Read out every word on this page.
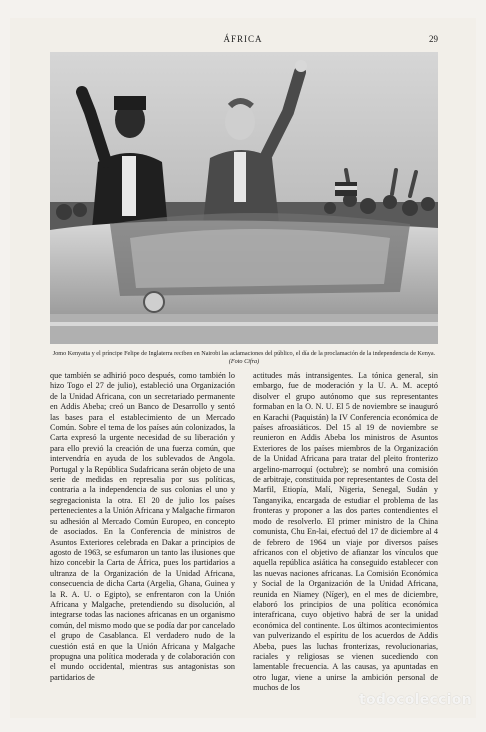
ÁFRICA	29
Jomo Kenyatta y el príncipe Felipe de Inglaterra reciben en Nairobi las aclamaciones del público, el día de la proclamación de la independencia de Kenya. (Foto Cifra)
que también se adhirió poco después, como también lo hizo Togo el 27 de julio), estableció una Organización de la Unidad Africana, con un secretariado permanente en Addis Abeba; creó un Banco de Desarrollo y sentó las bases para el establecimiento de un Mercado Común. Sobre el tema de los países aún colonizados, la Carta expresó la urgente necesidad de su liberación y para ello previó la creación de una fuerza común, que intervendría en ayuda de los sublevados de Angola. Portugal y la República Sudafricana serán objeto de una serie de medidas en represalia por sus políticas, contraria a la independencia de sus colonias el uno y segregacionista la otra. El 20 de julio los países pertenecientes a la Unión Africana y Malgache firmaron su adhesión al Mercado Común Europeo, en concepto de asociados. En la Conferencia de ministros de Asuntos Exteriores celebrada en Dakar a principios de agosto de 1963, se esfumaron un tanto las ilusiones que hizo concebir la Carta de África, pues los partidarios a ultranza de la Organización de la Unidad Africana, consecuencia de dicha Carta (Argelia, Ghana, Guinea y la R. A. U. o Egipto), se enfrentaron con la Unión Africana y Malgache, pretendiendo su disolución, al integrarse todas las naciones africanas en un organismo común, del mismo modo que se podía dar por cancelado el grupo de Casablanca. El verdadero nudo de la cuestión está en que la Unión Africana y Malgache propugna una política moderada y de colaboración con el mundo occidental, mientras sus antagonistas son partidarios de
actitudes más intransigentes. La tónica general, sin embargo, fue de moderación y la U. A. M. aceptó disolver el grupo autónomo que sus representantes formaban en la O. N. U. El 5 de noviembre se inauguró en Karachi (Paquistán) la IV Conferencia económica de países afroasiáticos. Del 15 al 19 de noviembre se reunieron en Addis Abeba los ministros de Asuntos Exteriores de los países miembros de la Organización de la Unidad Africana para tratar del pleito fronterizo argelino-marroquí (octubre); se nombró una comisión de arbitraje, constituida por representantes de Costa del Marfil, Etiopía, Malí, Nigeria, Senegal, Sudán y Tanganyika, encargada de estudiar el problema de las fronteras y proponer a las dos partes contendientes el modo de resolverlo. El primer ministro de la China comunista, Chu En-lai, efectuó del 17 de diciembre al 4 de febrero de 1964 un viaje por diversos países africanos con el objetivo de afianzar los vínculos que aquella república asiática ha conseguido establecer con las nuevas naciones africanas. La Comisión Económica y Social de la Organización de la Unidad Africana, reunida en Niamey (Níger), en el mes de diciembre, elaboró los principios de una política económica interafricana, cuyo objetivo habrá de ser la unidad económica del continente. Los últimos acontecimientos van pulverizando el espíritu de los acuerdos de Addis Abeba, pues las luchas fronterizas, revolucionarias, raciales y religiosas se vienen sucediendo con lamentable frecuencia. A las causas, ya apuntadas en otro lugar, viene a unirse la ambición personal de muchos de los
todocoleccion
